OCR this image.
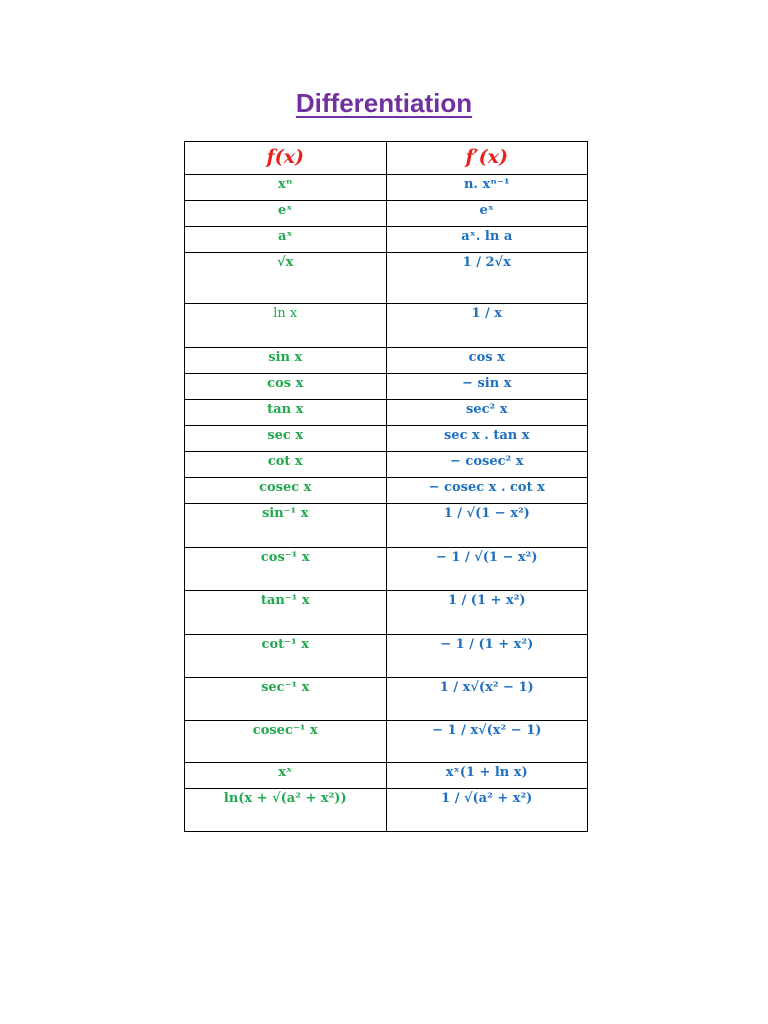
Differentiation
f(x)	f′(x)
xⁿ	n. xⁿ⁻¹
eˣ	eˣ
aˣ	aˣ. ln a
√x	1 / 2√x
ln x	1 / x
sin x	cos x
cos x	− sin x
tan x	sec² x
sec x	sec x . tan x
cot x	− cosec² x
cosec x	− cosec x . cot x
sin⁻¹ x	1 / √(1 − x²)
cos⁻¹ x	− 1 / √(1 − x²)
tan⁻¹ x	1 / (1 + x²)
cot⁻¹ x	− 1 / (1 + x²)
sec⁻¹ x	1 / x√(x² − 1)
cosec⁻¹ x	− 1 / x√(x² − 1)
xˣ	xˣ(1 + ln x)
ln(x + √(a² + x²))	1 / √(a² + x²)
